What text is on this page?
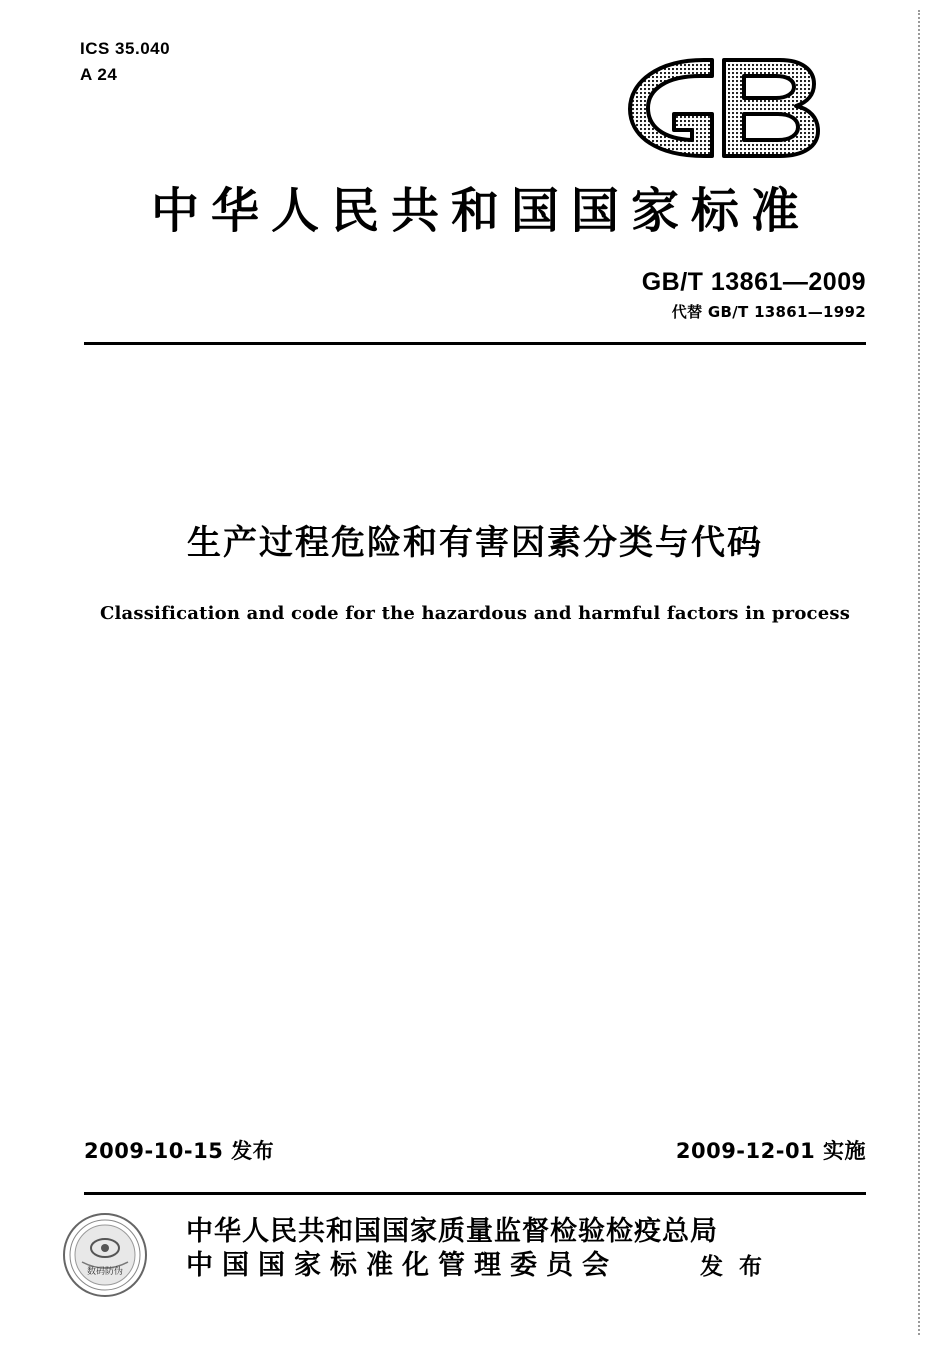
ICS 35.040
A 24
中华人民共和国国家标准
GB/T 13861—2009
代替 GB/T 13861—1992
生产过程危险和有害因素分类与代码
Classification and code for the hazardous and harmful factors in process
2009-10-15 发布	2009-12-01 实施
数码防伪
中华人民共和国国家质量监督检验检疫总局
中国国家标准化管理委员会	发 布
